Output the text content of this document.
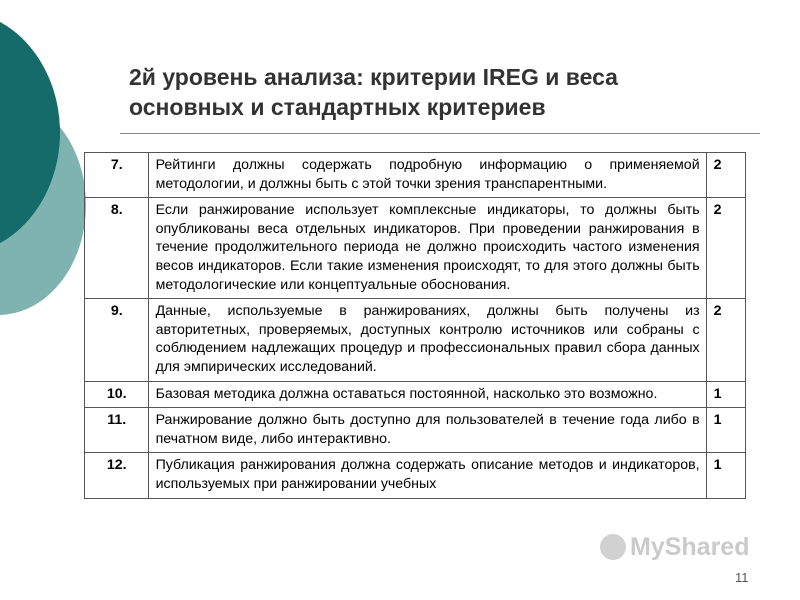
2й уровень анализа: критерии IREG и веса основных и стандартных критериев
7.	Рейтинги должны содержать подробную информацию о применяемой методологии, и должны быть с этой точки зрения транспарентными.	2
8.	Если ранжирование использует комплексные индикаторы, то должны быть опубликованы веса отдельных индикаторов. При проведении ранжирования в течение продолжительного периода не должно происходить частого изменения весов индикаторов. Если такие изменения происходят, то для этого должны быть методологические или концептуальные обоснования.	2
9.	Данные, используемые в ранжированиях, должны быть получены из авторитетных, проверяемых, доступных контролю источников или собраны с соблюдением надлежащих процедур и профессиональных правил сбора данных для эмпирических исследований.	2
10.	Базовая методика должна оставаться постоянной, насколько это возможно.	1
11.	Ранжирование должно быть доступно для пользователей в течение года либо в печатном виде, либо интерактивно.	1
12.	Публикация ранжирования должна содержать описание методов и индикаторов, используемых при ранжировании учебных	1
MyShared
11
